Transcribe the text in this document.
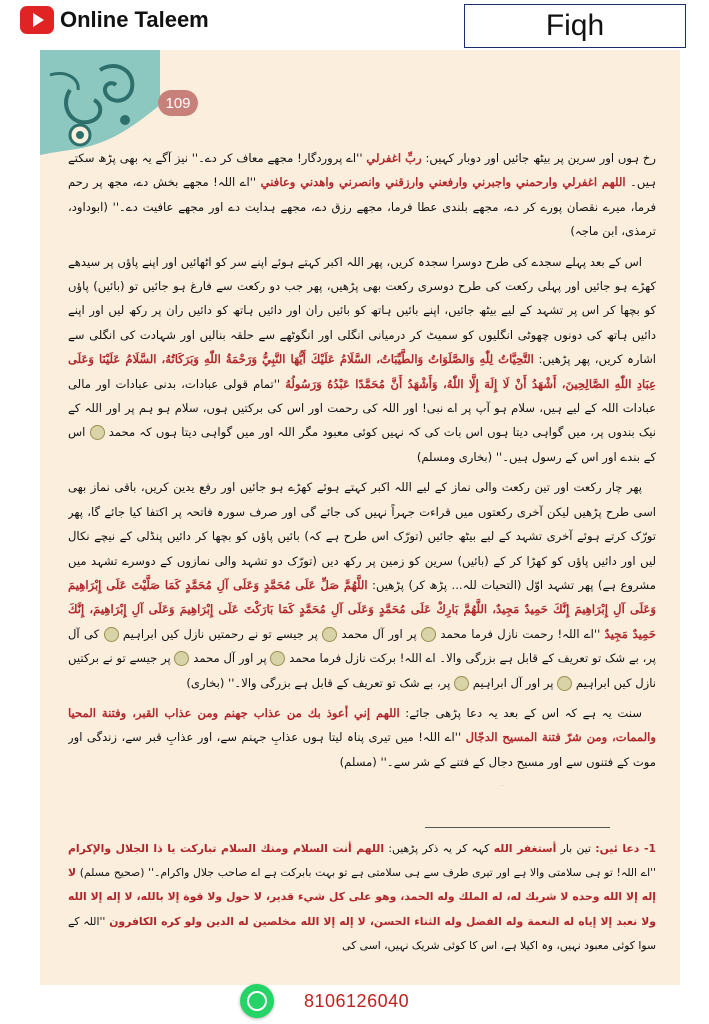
Online Taleem	Fiqh
109

رخ ہوں اور سرین پر بیٹھ جائیں اور دوبار کہیں: ربِّ اغفرلي ''اے پروردگار! مجھے معاف کر دے۔'' نیز آگے یہ بھی پڑھ سکتے ہیں۔ اللهم اغفرلي وارحمني واجبرني وارفعني وارزقني وانصرني واهدني وعافني ''اے اللہ! مجھے بخش دے، مجھ پر رحم فرما، میرے نقصان پورے کر دے، مجھے بلندی عطا فرما، مجھے رزق دے، مجھے ہدایت دے اور مجھے عافیت دے۔'' (ابوداود، ترمذی، ابن ماجہ)

اس کے بعد پہلے سجدے کی طرح دوسرا سجدہ کریں، پھر اللہ اکبر کہتے ہوئے اپنے سر کو اٹھائیں اور اپنے پاؤں پر سیدھے کھڑے ہو جائیں اور پہلی رکعت کی طرح دوسری رکعت بھی پڑھیں، پھر جب دو رکعت سے فارغ ہو جائیں تو (بائیں) پاؤں کو بچھا کر اس پر تشہد کے لیے بیٹھ جائیں، اپنے بائیں ہاتھ کو بائیں ران اور دائیں ہاتھ کو دائیں ران پر رکھ لیں اور اپنے دائیں ہاتھ کی دونوں چھوٹی انگلیوں کو سمیٹ کر درمیانی انگلی اور انگوٹھے سے حلقہ بنالیں اور شہادت کی انگلی سے اشارہ کریں، پھر پڑھیں: التَّحِيَّاتُ لِلّٰهِ وَالصَّلَوَاتُ وَالطَّيِّبَاتُ، السَّلَامُ عَلَيْكَ أَيُّهَا النَّبِيُّ وَرَحْمَةُ اللّٰهِ وَبَرَكَاتُهُ، السَّلَامُ عَلَيْنَا وَعَلَى عِبَادِ اللّٰهِ الصَّالِحِينَ، أَشْهَدُ أَنْ لَا إِلَهَ إِلَّا اللّٰهُ، وَأَشْهَدُ أَنَّ مُحَمَّدًا عَبْدُهُ وَرَسُولُهُ ''تمام قولی عبادات، بدنی عبادات اور مالی عبادات اللہ کے لیے ہیں، سلام ہو آپ پر اے نبی! اور اللہ کی رحمت اور اس کی برکتیں ہوں، سلام ہو ہم پر اور اللہ کے نیک بندوں پر، میں گواہی دیتا ہوں اس بات کی کہ نہیں کوئی معبود مگر اللہ اور میں گواہی دیتا ہوں کہ محمد  اس کے بندے اور اس کے رسول ہیں۔'' (بخاری ومسلم)

پھر چار رکعت اور تین رکعت والی نماز کے لیے اللہ اکبر کہتے ہوئے کھڑے ہو جائیں اور رفع یدین کریں، باقی نماز بھی اسی طرح پڑھیں لیکن آخری رکعتوں میں قراءت جہراً نہیں کی جائے گی اور صرف سورہ فاتحہ پر اکتفا کیا جائے گا، پھر تورّک کرتے ہوئے آخری تشہد کے لیے بیٹھ جائیں (تورّک اس طرح ہے کہ) بائیں پاؤں کو بچھا کر دائیں پنڈلی کے نیچے نکال لیں اور دائیں پاؤں کو کھڑا کر کے (بائیں) سرین کو زمین پر رکھ دیں (تورّک دو تشہد والی نمازوں کے دوسرے تشہد میں مشروع ہے) پھر تشہد اوّل (التحیات للہ... پڑھ کر) پڑھیں: اللَّهُمَّ صَلِّ عَلَى مُحَمَّدٍ وَعَلَى آلِ مُحَمَّدٍ كَمَا صَلَّيْتَ عَلَى إِبْرَاهِيمَ وَعَلَى آلِ إِبْرَاهِيمَ إِنَّكَ حَمِيدٌ مَجِيدٌ، اللَّهُمَّ بَارِكْ عَلَى مُحَمَّدٍ وَعَلَى آلِ مُحَمَّدٍ كَمَا بَارَكْتَ عَلَى إِبْرَاهِيمَ وَعَلَى آلِ إِبْرَاهِيمَ، إِنَّكَ حَمِيدٌ مَجِيدٌ ''اے اللہ! رحمت نازل فرما محمد  پر اور آل محمد  پر جیسے تو نے رحمتیں نازل کیں ابراہیم  کی آل پر، بے شک تو تعریف کے قابل ہے بزرگی والا۔ اے اللہ! برکت نازل فرما محمد  پر اور آل محمد  پر جیسے تو نے برکتیں نازل کیں ابراہیم  پر اور آل ابراہیم  پر، بے شک تو تعریف کے قابل ہے بزرگی والا۔'' (بخاری)

سنت یہ ہے کہ اس کے بعد یہ دعا پڑھی جائے: اللهم إني أعوذ بك من عذاب جهنم ومن عذاب القبر، وفتنة المحيا والممات، ومن شرّ فتنة المسيح الدجّال ''اے اللہ! میں تیری پناہ لیتا ہوں عذابِ جہنم سے، اور عذابِ قبر سے، زندگی اور موت کے فتنوں سے اور مسیح دجال کے فتنے کے شر سے۔'' (مسلم)

1- دعا ئیں: تین بار أستغفر الله کہہ کر یہ ذکر پڑھیں: اللهم أنت السلام ومنك السلام تباركت يا ذا الجلال والإكرام ''اے اللہ! تو ہی سلامتی والا ہے اور تیری طرف سے ہی سلامتی ہے تو بہت بابرکت ہے اے صاحب جلال واکرام۔'' (صحیح مسلم) لا إله إلا الله وحده لا شريك له، له الملك وله الحمد، وهو على كل شيء قدير، لا حول ولا قوة إلا بالله، لا إله إلا الله ولا نعبد إلا إياه له النعمة وله الفضل وله الثناء الحسن، لا إله إلا الله مخلصين له الدين ولو كره الكافرون ''اللہ کے سوا کوئی معبود نہیں، وہ اکیلا ہے، اس کا کوئی شریک نہیں، اسی کی
8106126040
